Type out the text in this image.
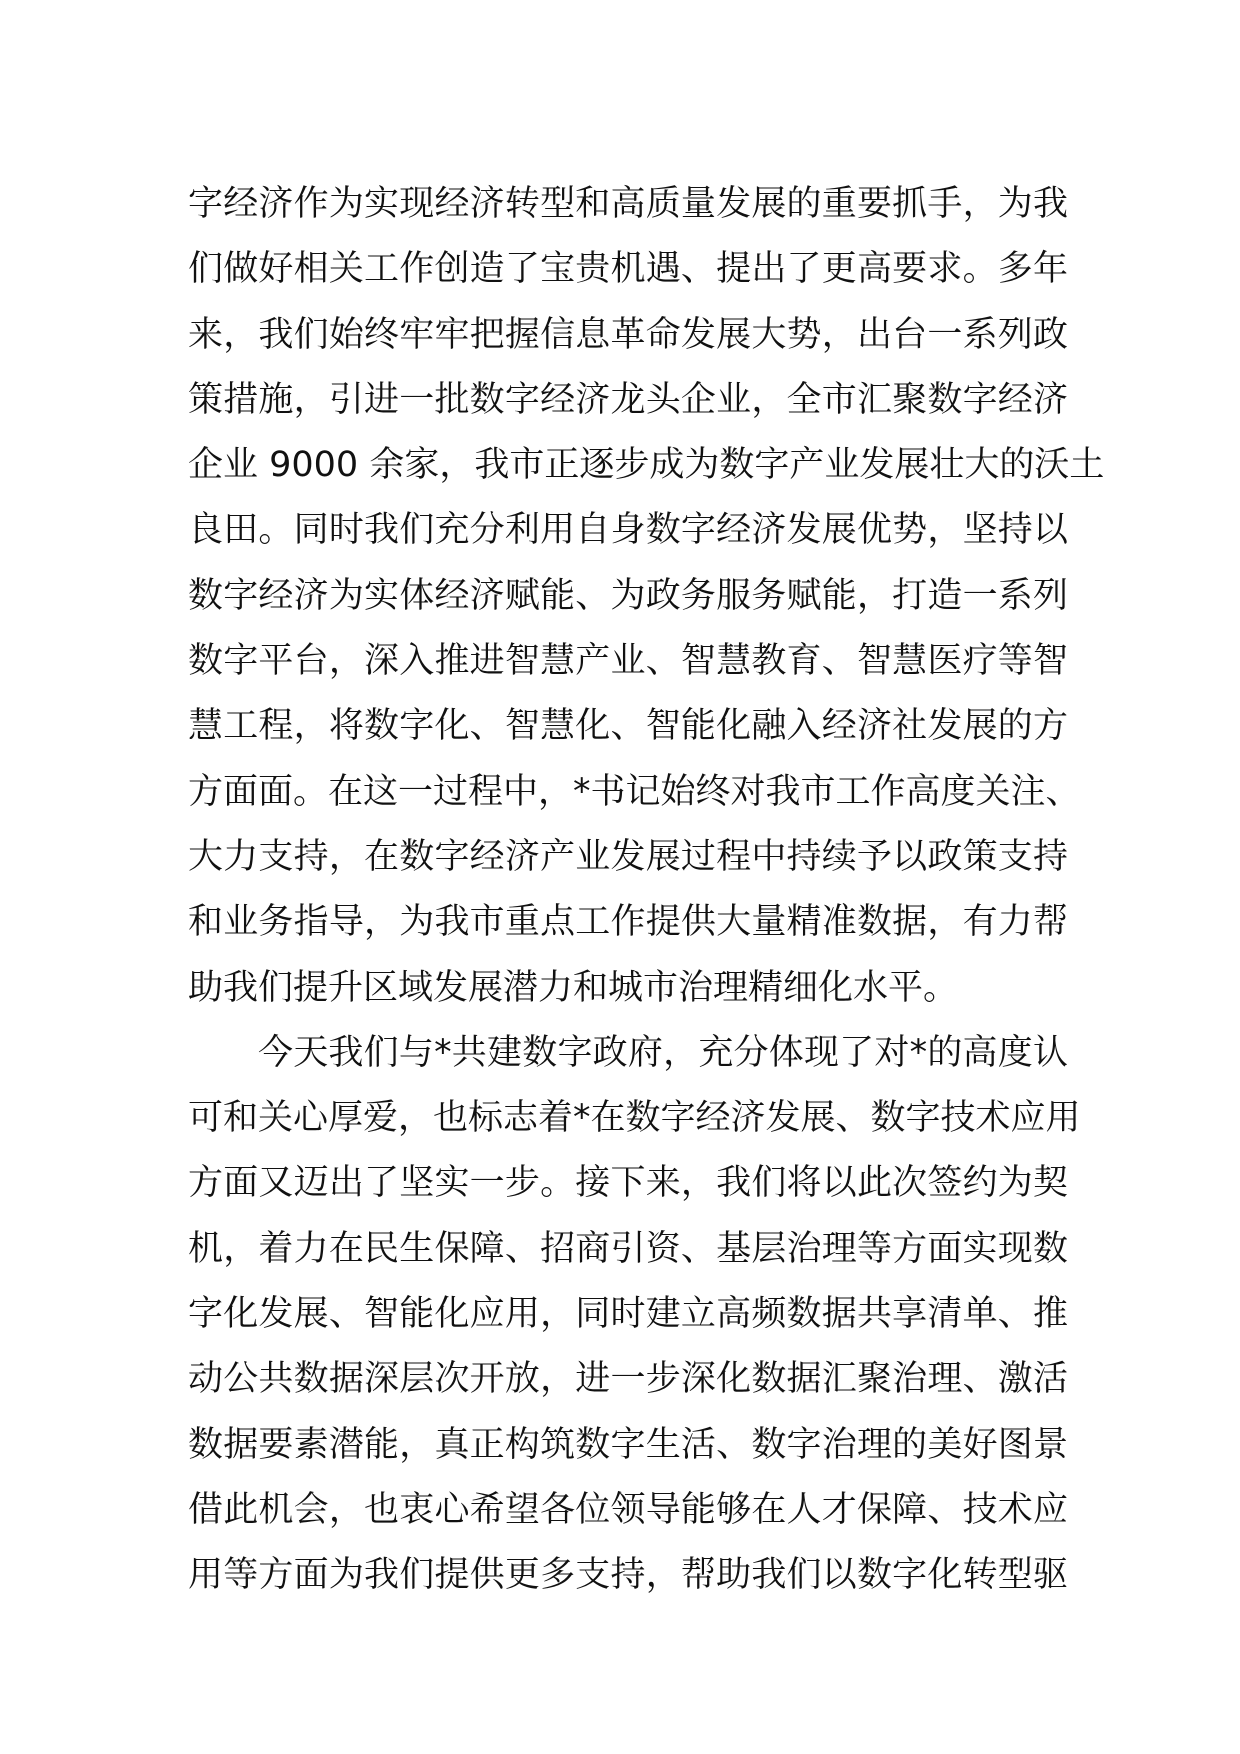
字经济作为实现经济转型和高质量发展的重要抓手，为我
们做好相关工作创造了宝贵机遇、提出了更高要求。多年
来，我们始终牢牢把握信息革命发展大势，出台一系列政
策措施，引进一批数字经济龙头企业，全市汇聚数字经济
企业 9000 余家，我市正逐步成为数字产业发展壮大的沃土
良田。同时我们充分利用自身数字经济发展优势，坚持以
数字经济为实体经济赋能、为政务服务赋能，打造一系列
数字平台，深入推进智慧产业、智慧教育、智慧医疗等智
慧工程，将数字化、智慧化、智能化融入经济社发展的方
方面面。在这一过程中，*书记始终对我市工作高度关注、
大力支持，在数字经济产业发展过程中持续予以政策支持
和业务指导，为我市重点工作提供大量精准数据，有力帮
助我们提升区域发展潜力和城市治理精细化水平。
今天我们与*共建数字政府，充分体现了对*的高度认
可和关心厚爱，也标志着*在数字经济发展、数字技术应用
方面又迈出了坚实一步。接下来，我们将以此次签约为契
机，着力在民生保障、招商引资、基层治理等方面实现数
字化发展、智能化应用，同时建立高频数据共享清单、推
动公共数据深层次开放，进一步深化数据汇聚治理、激活
数据要素潜能，真正构筑数字生活、数字治理的美好图景
借此机会，也衷心希望各位领导能够在人才保障、技术应
用等方面为我们提供更多支持，帮助我们以数字化转型驱
